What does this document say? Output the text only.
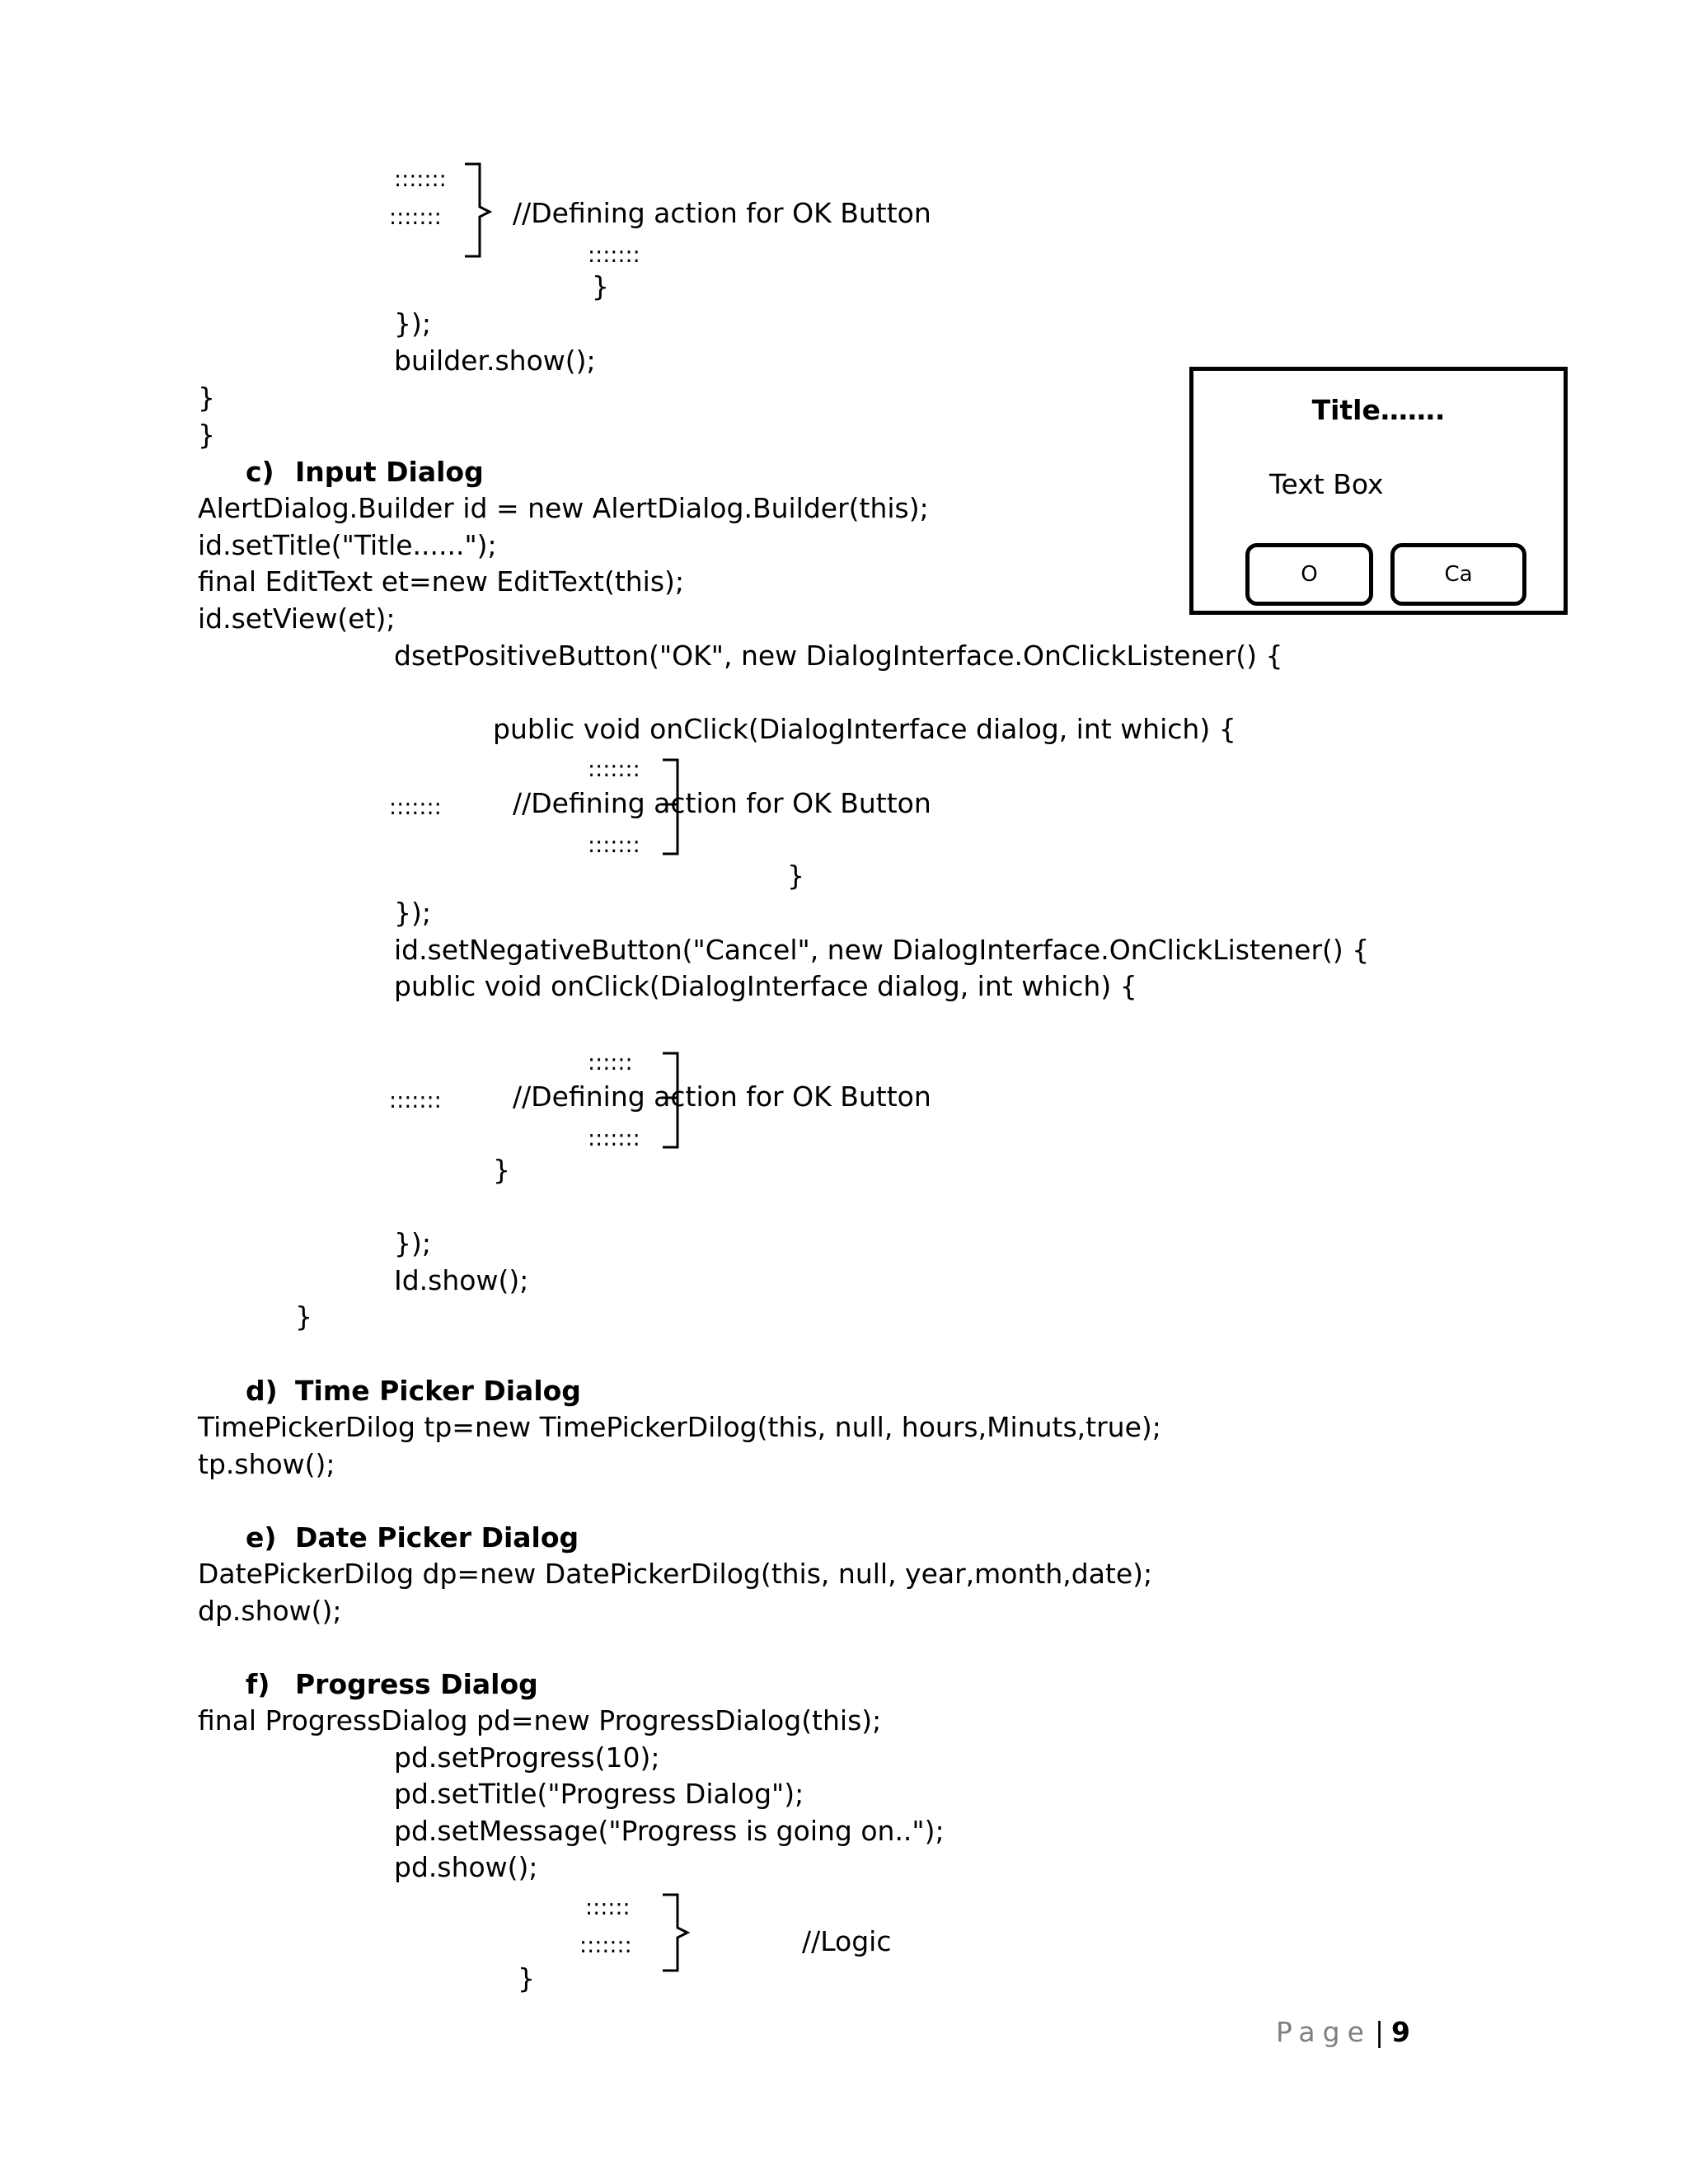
:::::::
:::::::	//Defining action for OK Button
:::::::
}
});
builder.show();
}
}
c) Input Dialog
AlertDialog.Builder id = new AlertDialog.Builder(this);
id.setTitle("Title......");
final EditText et=new EditText(this);
id.setView(et);
dsetPositiveButton("OK", new DialogInterface.OnClickListener() {
public void onClick(DialogInterface dialog, int which) {
:::::::
:::::::	//Defining action for OK Button
:::::::
}
});
id.setNegativeButton("Cancel", new DialogInterface.OnClickListener() {
public void onClick(DialogInterface dialog, int which) {
::::::
:::::::	//Defining action for OK Button
:::::::
}
});
Id.show();
}
Title…….
Text Box
O	Ca
d) Time Picker Dialog
TimePickerDilog tp=new TimePickerDilog(this, null, hours,Minuts,true);
tp.show();
e) Date Picker Dialog
DatePickerDilog dp=new DatePickerDilog(this, null, year,month,date);
dp.show();
f) Progress Dialog
final ProgressDialog pd=new ProgressDialog(this);
pd.setProgress(10);
pd.setTitle("Progress Dialog");
pd.setMessage("Progress is going on..");
pd.show();
::::::
:::::::	//Logic
}
Page | 9
